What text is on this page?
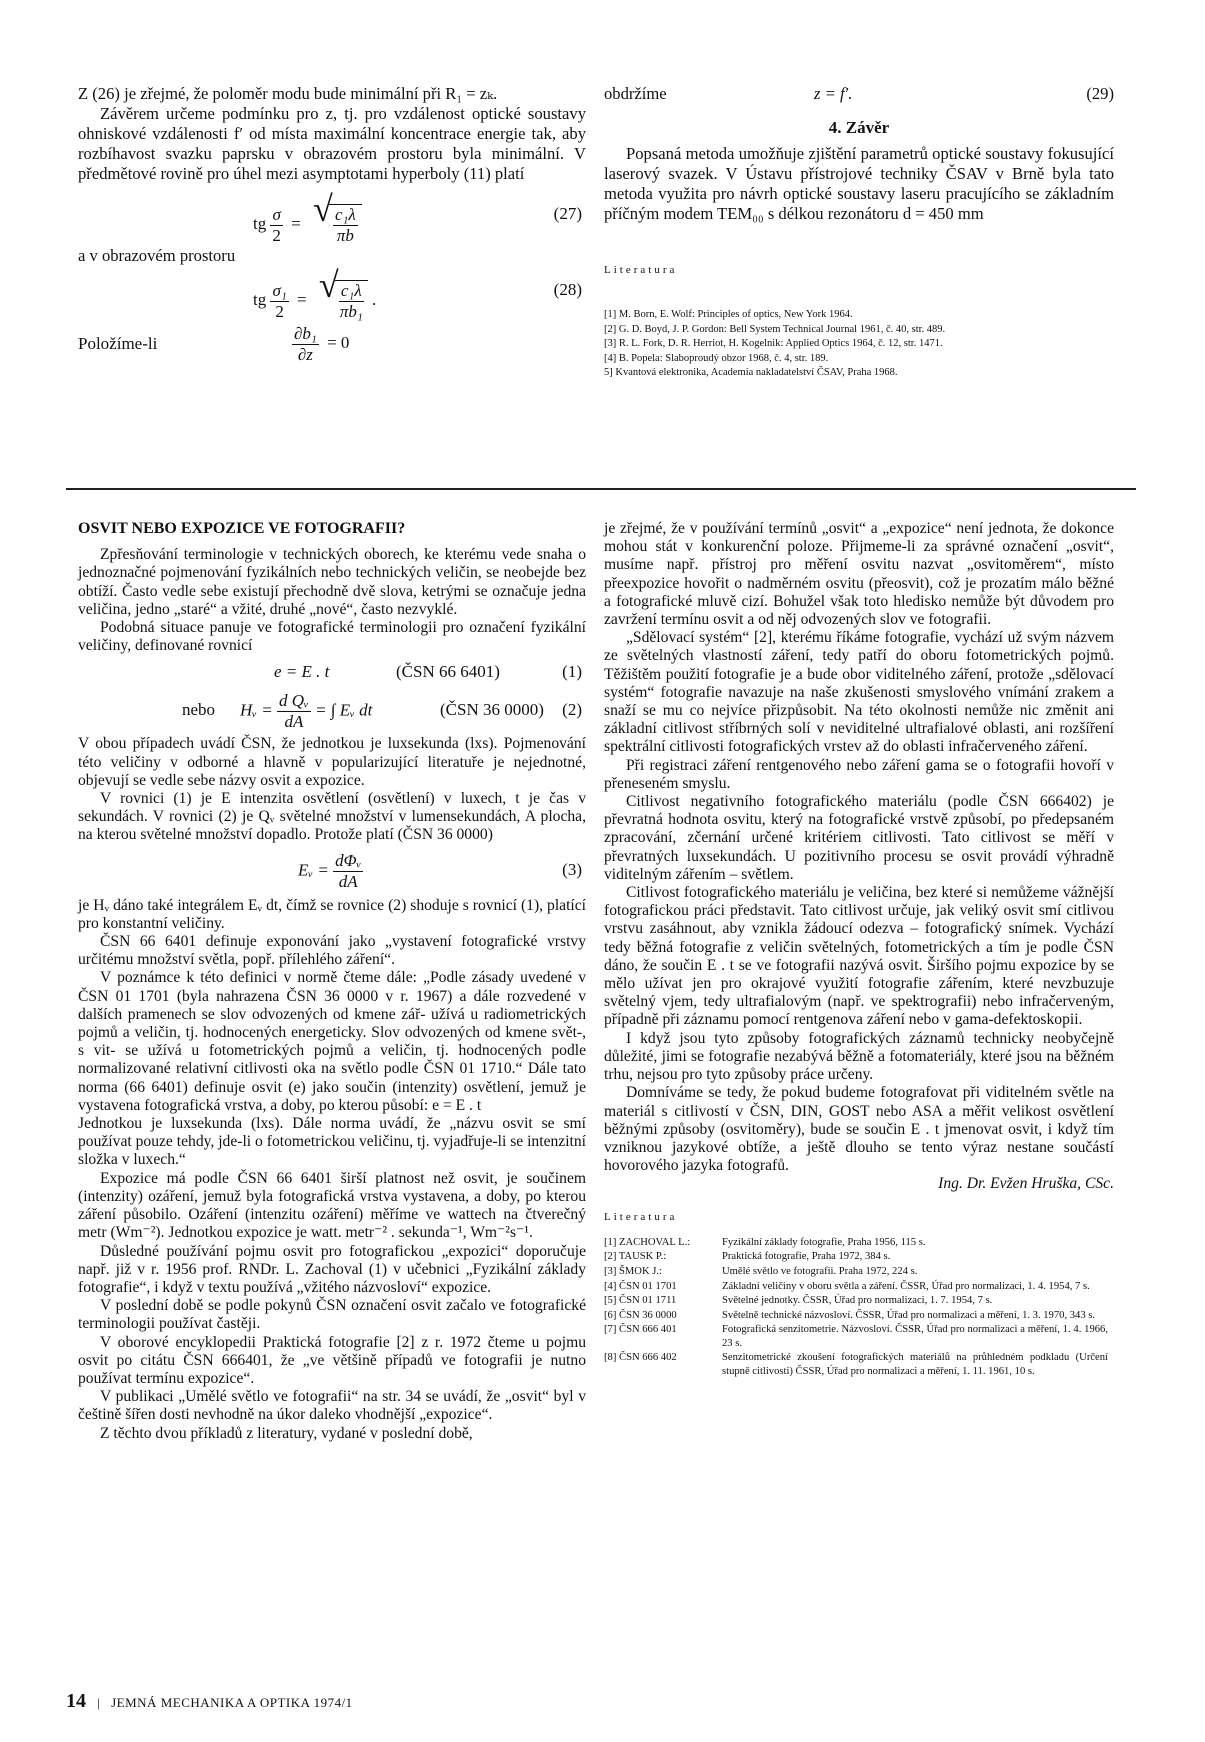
Z (26) je zřejmé, že poloměr modu bude minimální při R₁ = zₖ.

Závěrem určeme podmínku pro z, tj. pro vzdálenost optické soustavy ohniskové vzdálenosti f′ od místa maximální koncentrace energie tak, aby rozbíhavost svazku paprsku v obrazovém prostoru byla minimální. V předmětové rovině pro úhel mezi asymptotami hyperboly (11) platí

tg $\frac{\sigma}{2}$ = √ $\frac{\text{c₁λ}}{\pi b}$	(27)

a v obrazovém prostoru

tg $\frac{\text{σ₁}}{2}$ = √ $\frac{\text{c₁λ}}{\text{πb₁}}$ .
(28)
Položíme-li	$\frac{\text{∂b₁}}{\partial z} = 0$
obdržíme	z = f′.	(29)
4. Závěr

Popsaná metoda umožňuje zjištění parametrů optické soustavy fokusující laserový svazek. V Ústavu přístrojové techniky ČSAV v Brně byla tato metoda využita pro návrh optické soustavy laseru pracujícího se základním příčným modem TEM₀₀ s délkou rezonátoru d = 450 mm

Literatura
[1] M. Born, E. Wolf: Principles of optics, New York 1964.
[2] G. D. Boyd, J. P. Gordon: Bell System Technical Journal 1961, č. 40, str. 489.
[3] R. L. Fork, D. R. Herriot, H. Kogelnik: Applied Optics 1964, č. 12, str. 1471.
[4] B. Popela: Slaboproudý obzor 1968, č. 4, str. 189.
5] Kvantová elektronika, Academia nakladatelství ČSAV, Praha 1968.
OSVIT NEBO EXPOZICE VE FOTOGRAFII?

Zpřesňování terminologie v technických oborech, ke kterému vede snaha o jednoznačné pojmenování fyzikálních nebo technických veličin, se neobejde bez obtíží. Často vedle sebe existují přechodně dvě slova, ketrými se označuje jedna veličina, jedno „staré“ a vžité, druhé „nové“, často nezvyklé.

Podobná situace panuje ve fotografické terminologii pro označení fyzikální veličiny, definované rovnicí

e = E . t	(ČSN 66 6401)	(1)
nebo Hᵥ = $\frac{\text{d Qᵥ}}{dA}$ = ∫ Eᵥ dt	(ČSN 36 0000) (2)

V obou případech uvádí ČSN, že jednotkou je luxsekunda (lxs). Pojmenování této veličiny v odborné a hlavně v popularizující literatuře je nejednotné, objevují se vedle sebe názvy osvit a expozice.

V rovnici (1) je E intenzita osvětlení (osvětlení) v luxech, t je čas v sekundách. V rovnici (2) je Qᵥ světelné množství v lumensekundách, A plocha, na kterou světelné množství dopadlo. Protože platí (ČSN 36 0000)

Eᵥ = $\frac{\text{dΦᵥ}}{dA}$	(3)

je Hᵥ dáno také integrálem Eᵥ dt, čímž se rovnice (2) shoduje s rovnicí (1), platící pro konstantní veličiny.

ČSN 66 6401 definuje exponování jako „vystavení fotografické vrstvy určitému množství světla, popř. přílehlého záření“.

V poznámce k této definici v normě čteme dále: „Podle zásady uvedené v ČSN 01 1701 (byla nahrazena ČSN 36 0000 v r. 1967) a dále rozvedené v dalších pramenech se slov odvozených od kmene zář- užívá u radiometrických pojmů a veličin, tj. hodnocených energeticky. Slov odvozených od kmene svět-, s vit- se užívá u fotometrických pojmů a veličin, tj. hodnocených podle normalizované relativní citlivosti oka na světlo podle ČSN 01 1710.“ Dále tato norma (66 6401) definuje osvit (e) jako součin (intenzity) osvětlení, jemuž je vystavena fotografická vrstva, a doby, po kterou působí: e = E . t

Jednotkou je luxsekunda (lxs). Dále norma uvádí, že „názvu osvit se smí používat pouze tehdy, jde-li o fotometrickou veličinu, tj. vyjadřuje-li se intenzitní složka v luxech.“

Expozice má podle ČSN 66 6401 širší platnost než osvit, je součinem (intenzity) ozáření, jemuž byla fotografická vrstva vystavena, a doby, po kterou záření působilo. Ozáření (intenzitu ozáření) měříme ve wattech na čtverečný metr (Wm⁻²). Jednotkou expozice je watt. metr⁻² . sekunda⁻¹, Wm⁻²s⁻¹.

Důsledné používání pojmu osvit pro fotografickou „expozici“ doporučuje např. již v r. 1956 prof. RNDr. L. Zachoval (1) v učebnici „Fyzikální základy fotografie“, i když v textu používá „vžitého názvosloví“ expozice.

V poslední době se podle pokynů ČSN označení osvit začalo ve fotografické terminologii používat častěji.

V oborové encyklopedii Praktická fotografie [2] z r. 1972 čteme u pojmu osvit po citátu ČSN 666401, že „ve většině případů ve fotografii je nutno používat termínu expozice“.

V publikaci „Umělé světlo ve fotografii“ na str. 34 se uvádí, že „osvit“ byl v češtině šířen dosti nevhodně na úkor daleko vhodnější „expozice“.

Z těchto dvou příkladů z literatury, vydané v poslední době,

je zřejmé, že v používání termínů „osvit“ a „expozice“ není jednota, že dokonce mohou stát v konkurenční poloze. Přijmeme-li za správné označení „osvit“, musíme např. přístroj pro měření osvitu nazvat „osvitoměrem“, místo přeexpozice hovořit o nadměrném osvitu (přeosvit), což je prozatím málo běžné a fotografické mluvě cizí. Bohužel však toto hledisko nemůže být důvodem pro zavržení termínu osvit a od něj odvozených slov ve fotografii.

„Sdělovací systém“ [2], kterému říkáme fotografie, vychází už svým názvem ze světelných vlastností záření, tedy patří do oboru fotometrických pojmů. Těžištěm použití fotografie je a bude obor viditelného záření, protože „sdělovací systém“ fotografie navazuje na naše zkušenosti smyslového vnímání zrakem a snaží se mu co nejvíce přizpůsobit. Na této okolnosti nemůže nic změnit ani základní citlivost stříbrných solí v neviditelné ultrafialové oblasti, ani rozšíření spektrální citlivosti fotografických vrstev až do oblasti infračerveného záření.

Při registraci záření rentgenového nebo záření gama se o fotografii hovoří v přeneseném smyslu.

Citlivost negativního fotografického materiálu (podle ČSN 666402) je převratná hodnota osvitu, který na fotografické vrstvě způsobí, po předepsaném zpracování, zčernání určené kritériem citlivosti. Tato citlivost se měří v převratných luxsekundách. U pozitivního procesu se osvit provádí výhradně viditelným zářením – světlem.

Citlivost fotografického materiálu je veličina, bez které si nemůžeme vážnější fotografickou práci představit. Tato citlivost určuje, jak veliký osvit smí citlivou vrstvu zasáhnout, aby vznikla žádoucí odezva – fotografický snímek. Vychází tedy běžná fotografie z veličin světelných, fotometrických a tím je podle ČSN dáno, že součin E . t se ve fotografii nazývá osvit. Širšího pojmu expozice by se mělo užívat jen pro okrajové využití fotografie zářením, které nevzbuzuje světelný vjem, tedy ultrafialovým (např. ve spektrografii) nebo infračerveným, případně při záznamu pomocí rentgenova záření nebo v gama-defektoskopii.

I když jsou tyto způsoby fotografických záznamů technicky neobyčejně důležité, jimi se fotografie nezabývá běžně a fotomateriály, které jsou na běžném trhu, nejsou pro tyto způsoby práce určeny.

Domníváme se tedy, že pokud budeme fotografovat při viditelném světle na materiál s citlivostí v ČSN, DIN, GOST nebo ASA a měřit velikost osvětlení běžnými způsoby (osvitoměry), bude se součin E . t jmenovat osvit, i když tím vzniknou jazykové obtíže, a ještě dlouho se tento výraz nestane součástí hovorového jazyka fotografů.

Ing. Dr. Evžen Hruška, CSc.
Literatura
[1] ZACHOVAL L.:	Fyzikální základy fotografie, Praha 1956, 115 s.
[2] TAUSK P.:	Praktická fotografie, Praha 1972, 384 s.
[3] ŠMOK J.:	Umělé světlo ve fotografii. Praha 1972, 224 s.
[4] ČSN 01 1701	Základní veličiny v oboru světla a záření. ČSSR, Úřad pro normalizaci, 1. 4. 1954, 7 s.
[5] ČSN 01 1711	Světelné jednotky. ČSSR, Úřad pro normalizaci, 1. 7. 1954, 7 s.
[6] ČSN 36 0000	Světelně technické názvosloví. ČSSR, Úřad pro normalizaci a měření, 1. 3. 1970, 343 s.
[7] ČSN 666 401	Fotografická senzitometrie. Názvosloví. ČSSR, Úřad pro normalizaci a měření, 1. 4. 1966, 23 s.
[8] ČSN 666 402	Senzitometrické zkoušení fotografických materiálů na průhledném podkladu (Určení stupně citlivosti) ČSSR, Úřad pro normalizaci a měření, 1. 11. 1961, 10 s.
14 | JEMNÁ MECHANIKA A OPTIKA 1974/1
